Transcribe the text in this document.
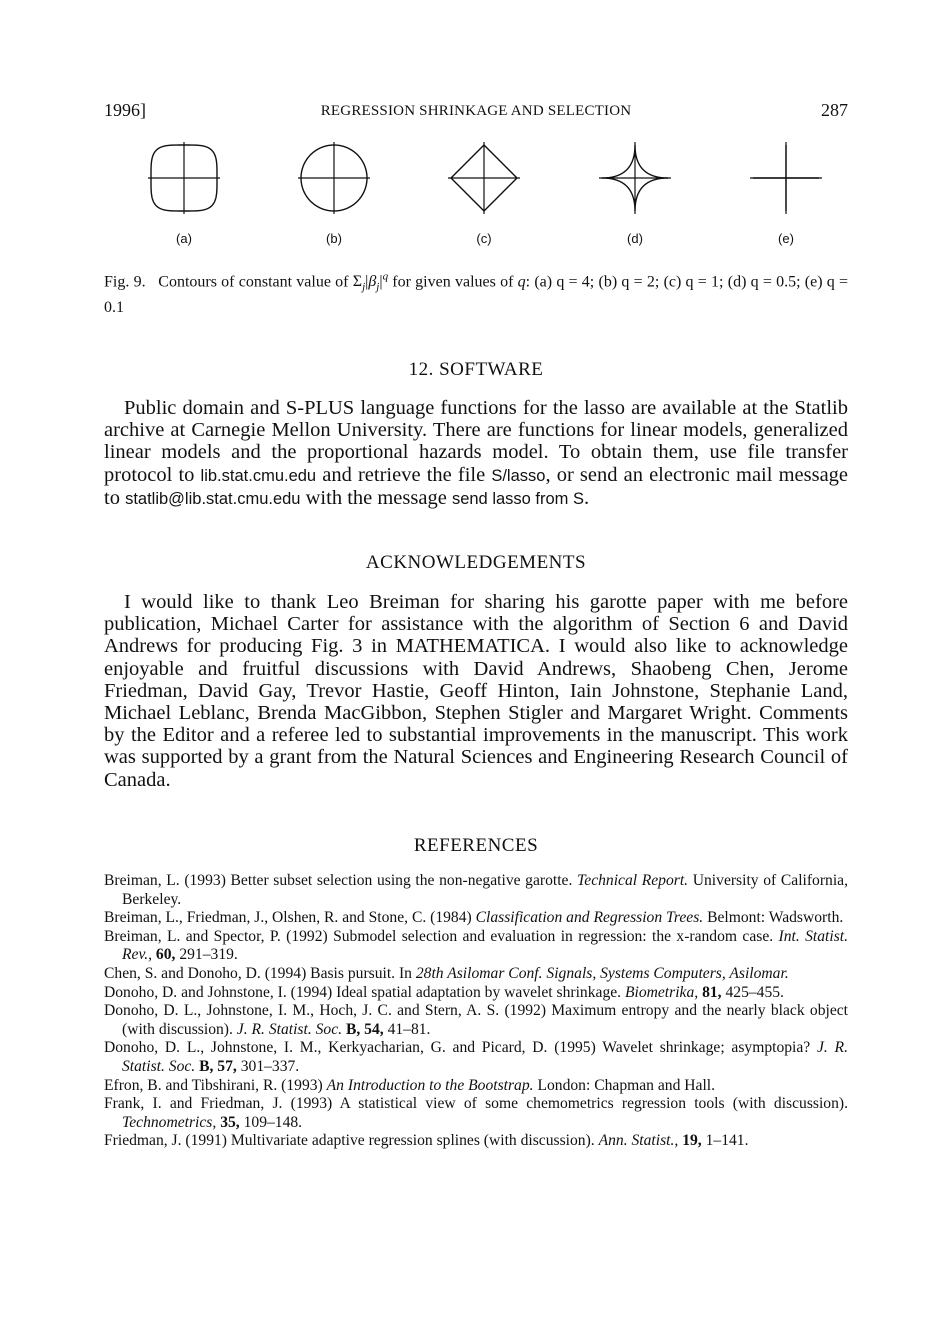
1996]	REGRESSION SHRINKAGE AND SELECTION	287
(a)	(b)	(c)	(d)	(e)
Fig. 9. Contours of constant value of $\Sigma_j|\beta_j|^q$ for given values of q: (a) q = 4; (b) q = 2; (c) q = 1; (d) q = 0.5; (e) q = 0.1
12. SOFTWARE

Public domain and S-PLUS language functions for the lasso are available at the Statlib archive at Carnegie Mellon University. There are functions for linear models, generalized linear models and the proportional hazards model. To obtain them, use file transfer protocol to lib.stat.cmu.edu and retrieve the file S/lasso, or send an electronic mail message to statlib@lib.stat.cmu.edu with the message send lasso from S.

ACKNOWLEDGEMENTS

I would like to thank Leo Breiman for sharing his garotte paper with me before publication, Michael Carter for assistance with the algorithm of Section 6 and David Andrews for producing Fig. 3 in MATHEMATICA. I would also like to acknowledge enjoyable and fruitful discussions with David Andrews, Shaobeng Chen, Jerome Friedman, David Gay, Trevor Hastie, Geoff Hinton, Iain Johnstone, Stephanie Land, Michael Leblanc, Brenda MacGibbon, Stephen Stigler and Margaret Wright. Comments by the Editor and a referee led to substantial improvements in the manuscript. This work was supported by a grant from the Natural Sciences and Engineering Research Council of Canada.

REFERENCES

Breiman, L. (1993) Better subset selection using the non-negative garotte. Technical Report. University of California, Berkeley.

Breiman, L., Friedman, J., Olshen, R. and Stone, C. (1984) Classification and Regression Trees. Belmont: Wadsworth.

Breiman, L. and Spector, P. (1992) Submodel selection and evaluation in regression: the x-random case. Int. Statist. Rev., 60, 291–319.

Chen, S. and Donoho, D. (1994) Basis pursuit. In 28th Asilomar Conf. Signals, Systems Computers, Asilomar.

Donoho, D. and Johnstone, I. (1994) Ideal spatial adaptation by wavelet shrinkage. Biometrika, 81, 425–455.

Donoho, D. L., Johnstone, I. M., Hoch, J. C. and Stern, A. S. (1992) Maximum entropy and the nearly black object (with discussion). J. R. Statist. Soc. B, 54, 41–81.

Donoho, D. L., Johnstone, I. M., Kerkyacharian, G. and Picard, D. (1995) Wavelet shrinkage; asymptopia? J. R. Statist. Soc. B, 57, 301–337.

Efron, B. and Tibshirani, R. (1993) An Introduction to the Bootstrap. London: Chapman and Hall.

Frank, I. and Friedman, J. (1993) A statistical view of some chemometrics regression tools (with discussion). Technometrics, 35, 109–148.

Friedman, J. (1991) Multivariate adaptive regression splines (with discussion). Ann. Statist., 19, 1–141.
